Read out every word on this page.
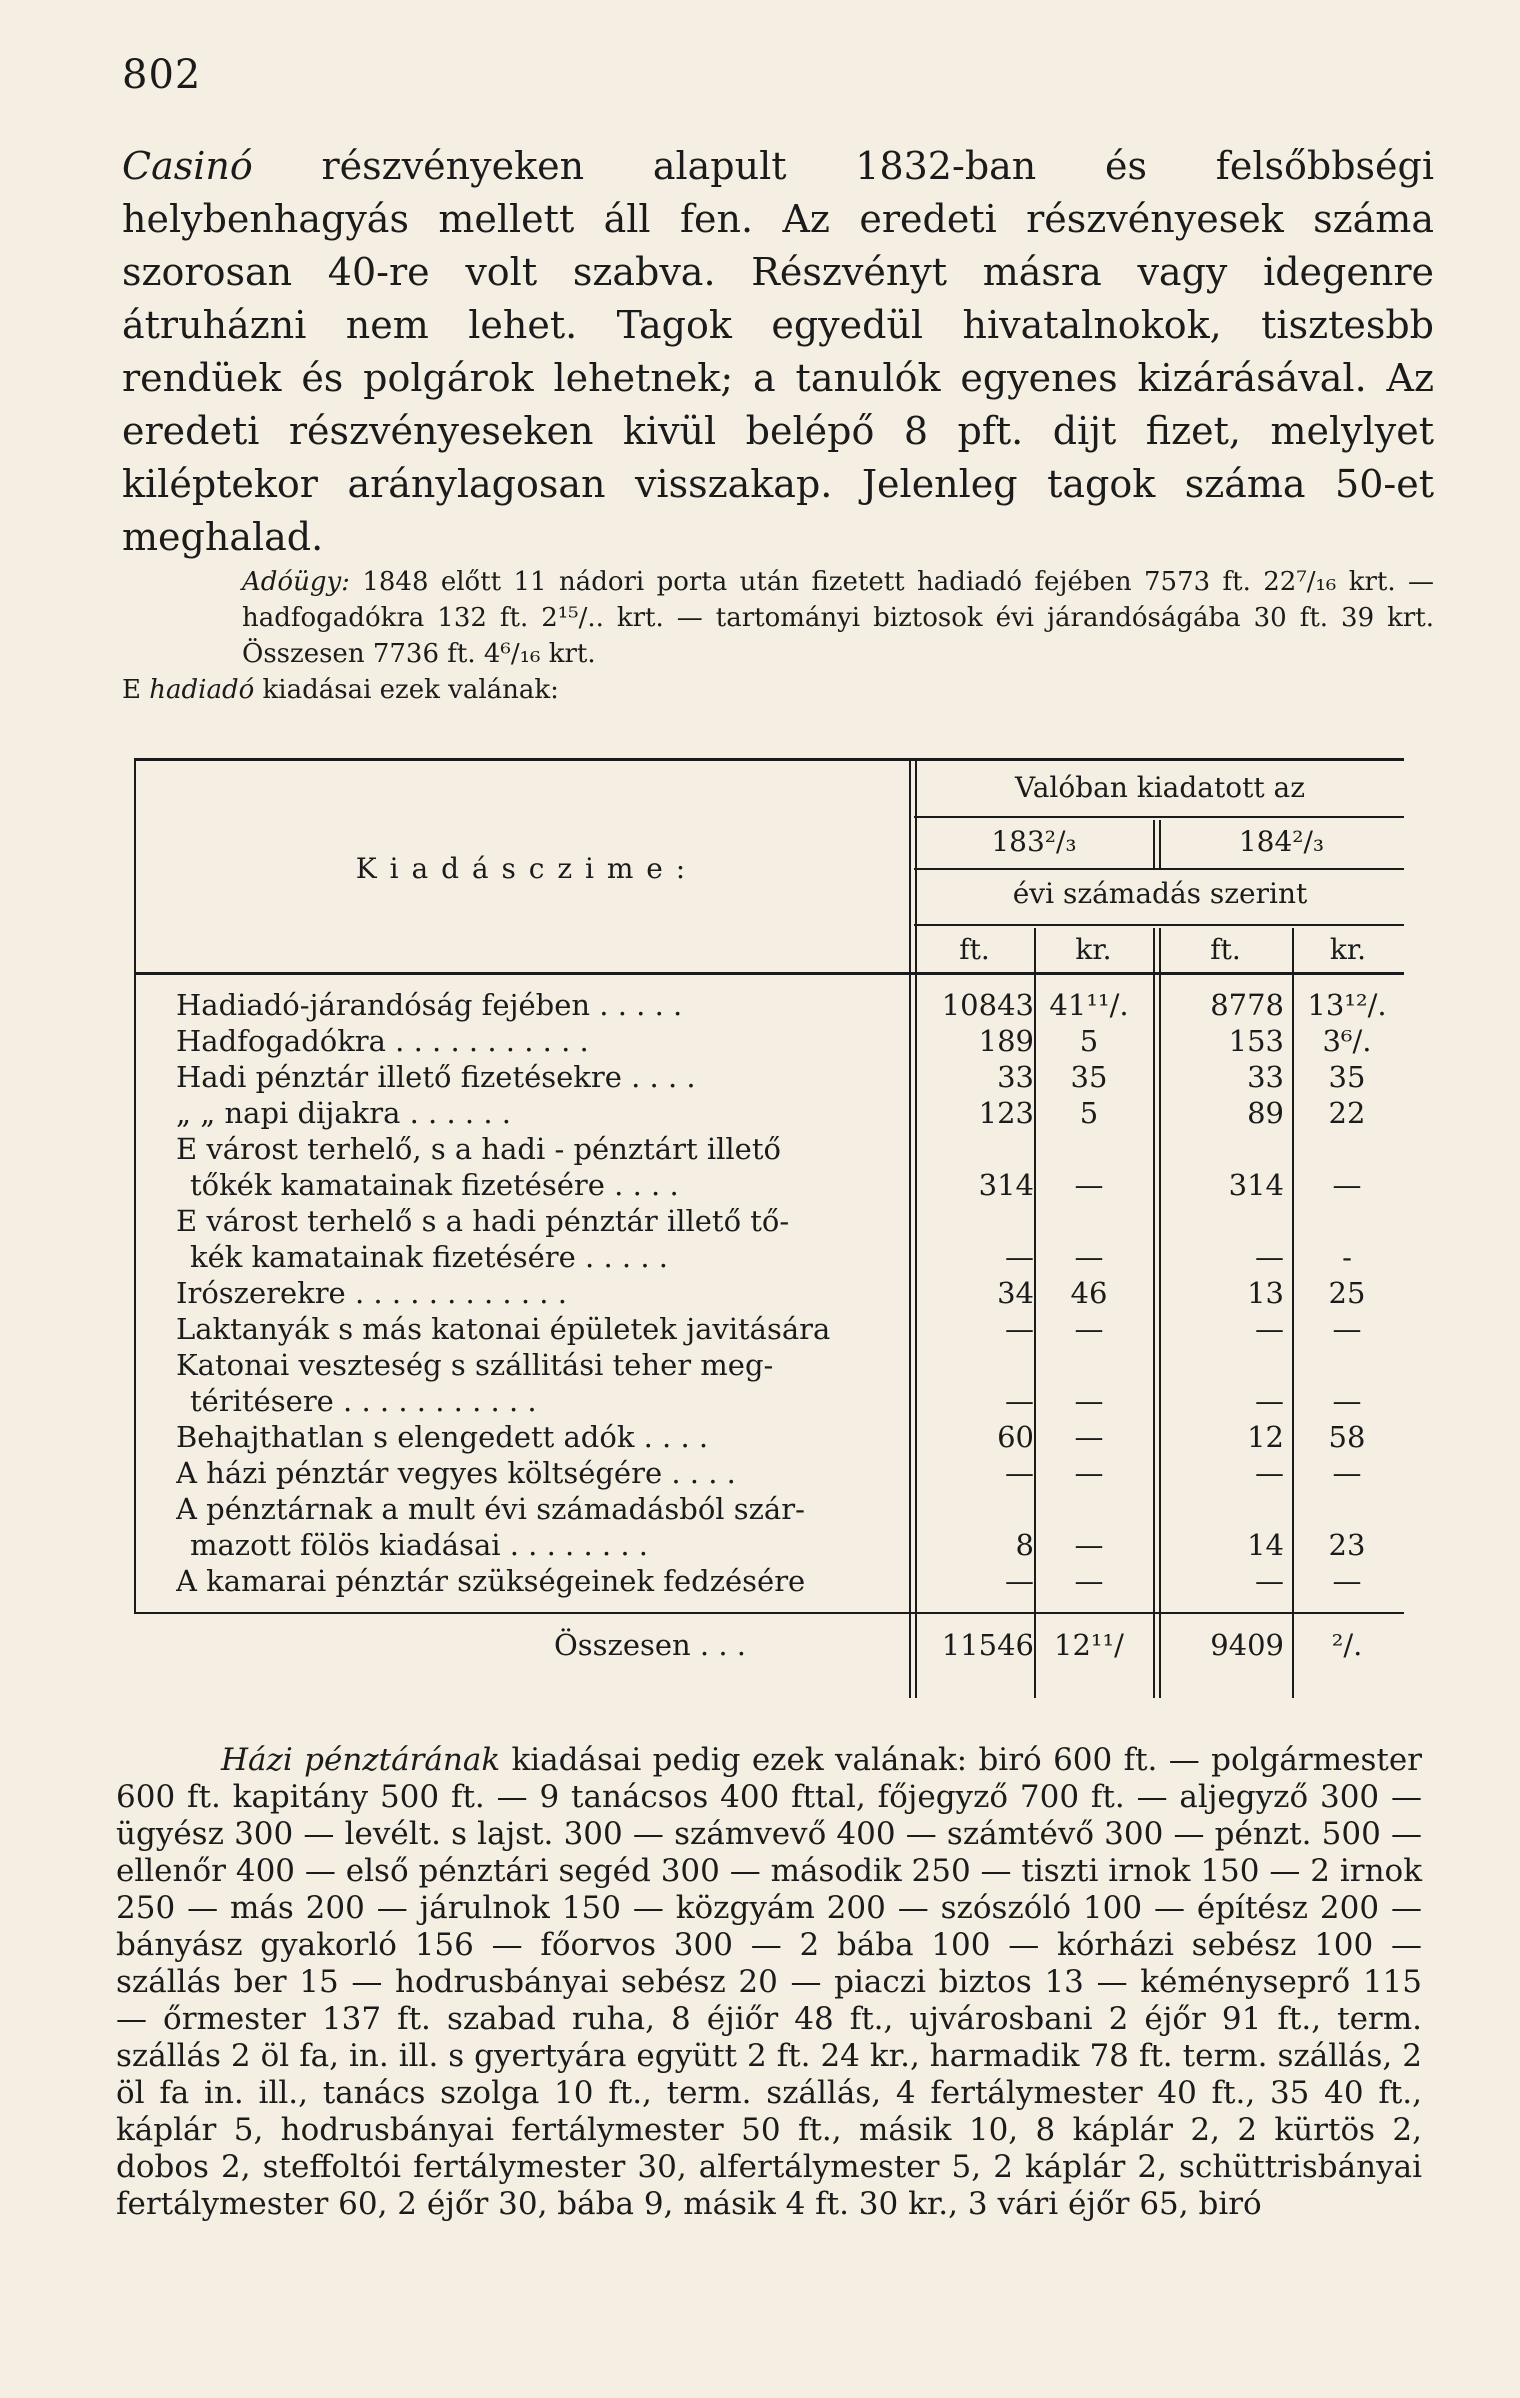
802
Casinó részvényeken alapult 1832-ban és felsőbbségi helybenhagyás mellett áll fen. Az eredeti részvényesek száma szorosan 40-re volt szabva. Részvényt másra vagy idegenre átruházni nem lehet. Tagok egyedül hivatalnokok, tisztesbb rendüek és polgárok lehetnek; a tanulók egyenes kizárásával. Az eredeti részvényeseken kivül belépő 8 pft. dijt fizet, melylyet kiléptekor aránylagosan visszakap. Jelenleg tagok száma 50-et meghalad.
Adóügy: 1848 előtt 11 nádori porta után fizetett hadiadó fejében 7573 ft. 22⁷/₁₆ krt. — hadfogadókra 132 ft. 2¹⁵/.. krt. — tartományi biztosok évi járandóságába 30 ft. 39 krt. Összesen 7736 ft. 4⁶/₁₆ krt.
E hadiadó kiadásai ezek valának:
K i a d á s c z i m e :
Valóban kiadatott az
183²/₃	184²/₃
évi számadás szerint
ft.	kr.	ft.	kr.
Hadiadó-járandóság fejében . . . . .	10843 41¹¹/.	8778 13¹²/.
Hadfogadókra . . . . . . . . . . .	189	5	153	3⁶/.
Hadi pénztár illető fizetésekre . . . .	33	35	33	35
„ „ napi dijakra . . . . . .	123	5	89	22
E várost terhelő, s a hadi - pénztárt illető
tőkék kamatainak fizetésére . . . .	314	—	314	—
E várost terhelő s a hadi pénztár illető tő-
kék kamatainak fizetésére . . . . .	—	—	—	-
Irószerekre . . . . . . . . . . . .	34	46	13	25
Laktanyák s más katonai épületek javitására	—	—	—	—
Katonai veszteség s szállitási teher meg-
téritésere . . . . . . . . . . .	—	—	—	—
Behajthatlan s elengedett adók . . . .	60	—	12	58
A házi pénztár vegyes költségére . . . .	—	—	—	—
A pénztárnak a mult évi számadásból szár-
mazott fölös kiadásai . . . . . . . .	8	—	14	23
A kamarai pénztár szükségeinek fedzésére	—	—	—	—
Összesen . . .	11546 12¹¹/	9409	²/.
Házi pénztárának kiadásai pedig ezek valának: biró 600 ft. — polgármester 600 ft. kapitány 500 ft. — 9 tanácsos 400 fttal, főjegyző 700 ft. — aljegyző 300 — ügyész 300 — levélt. s lajst. 300 — számvevő 400 — számtévő 300 — pénzt. 500 — ellenőr 400 — első pénztári segéd 300 — második 250 — tiszti irnok 150 — 2 irnok 250 — más 200 — járulnok 150 — közgyám 200 — szószóló 100 — építész 200 — bányász gyakorló 156 — főorvos 300 — 2 bába 100 — kórházi sebész 100 — szállás ber 15 — hodrusbányai sebész 20 — piaczi biztos 13 — kéményseprő 115 — őrmester 137 ft. szabad ruha, 8 éjiőr 48 ft., ujvárosbani 2 éjőr 91 ft., term. szállás 2 öl fa, in. ill. s gyertyára együtt 2 ft. 24 kr., harmadik 78 ft. term. szállás, 2 öl fa in. ill., tanács szolga 10 ft., term. szállás, 4 fertálymester 40 ft., 35 40 ft., káplár 5, hodrusbányai fertálymester 50 ft., másik 10, 8 káplár 2, 2 kürtös 2, dobos 2, steffoltói fertálymester 30, alfertálymester 5, 2 káplár 2, schüttrisbányai fertálymester 60, 2 éjőr 30, bába 9, másik 4 ft. 30 kr., 3 vári éjőr 65, biró
